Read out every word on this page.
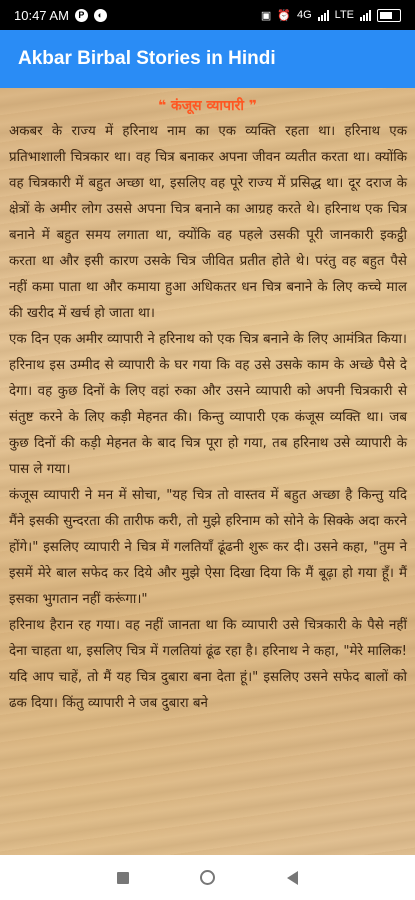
10:47 AM	P	◐	▣ ⏰ 4G LTE
Akbar Birbal Stories in Hindi
❝ कंजूस व्यापारी ❞

अकबर के राज्य में हरिनाथ नाम का एक व्यक्ति रहता था। हरिनाथ एक प्रतिभाशाली चित्रकार था। वह चित्र बनाकर अपना जीवन व्यतीत करता था। क्योंकि वह चित्रकारी में बहुत अच्छा था, इसलिए वह पूरे राज्य में प्रसिद्ध था। दूर दराज के क्षेत्रों के अमीर लोग उससे अपना चित्र बनाने का आग्रह करते थे। हरिनाथ एक चित्र बनाने में बहुत समय लगाता था, क्योंकि वह पहले उसकी पूरी जानकारी इकट्ठी करता था और इसी कारण उसके चित्र जीवित प्रतीत होते थे। परंतु वह बहुत पैसे नहीं कमा पाता था और कमाया हुआ अधिकतर धन चित्र बनाने के लिए कच्चे माल की खरीद में खर्च हो जाता था।

एक दिन एक अमीर व्यापारी ने हरिनाथ को एक चित्र बनाने के लिए आमंत्रित किया। हरिनाथ इस उम्मीद से व्यापारी के घर गया कि वह उसे उसके काम के अच्छे पैसे दे देगा। वह कुछ दिनों के लिए वहां रुका और उसने व्यापारी को अपनी चित्रकारी से संतुष्ट करने के लिए कड़ी मेहनत की। किन्तु व्यापारी एक कंजूस व्यक्ति था। जब कुछ दिनों की कड़ी मेहनत के बाद चित्र पूरा हो गया, तब हरिनाथ उसे व्यापारी के पास ले गया।

कंजूस व्यापारी ने मन में सोचा, "यह चित्र तो वास्तव में बहुत अच्छा है किन्तु यदि मैंने इसकी सुन्दरता की तारीफ करी, तो मुझे हरिनाम को सोने के सिक्के अदा करने होंगे।" इसलिए व्यापारी ने चित्र में गलतियाँ ढूंढनी शुरू कर दी। उसने कहा, "तुम ने इसमें मेरे बाल सफेद कर दिये और मुझे ऐसा दिखा दिया कि मैं बूढ़ा हो गया हूँ। मैं इसका भुगतान नहीं करूंगा।"

हरिनाथ हैरान रह गया। वह नहीं जानता था कि व्यापारी उसे चित्रकारी के पैसे नहीं देना चाहता था, इसलिए चित्र में गलतियां ढूंढ रहा है। हरिनाथ ने कहा, "मेरे मालिक! यदि आप चाहें, तो मैं यह चित्र दुबारा बना देता हूं।" इसलिए उसने सफेद बालों को ढक दिया। किंतु व्यापारी ने जब दुबारा बने
